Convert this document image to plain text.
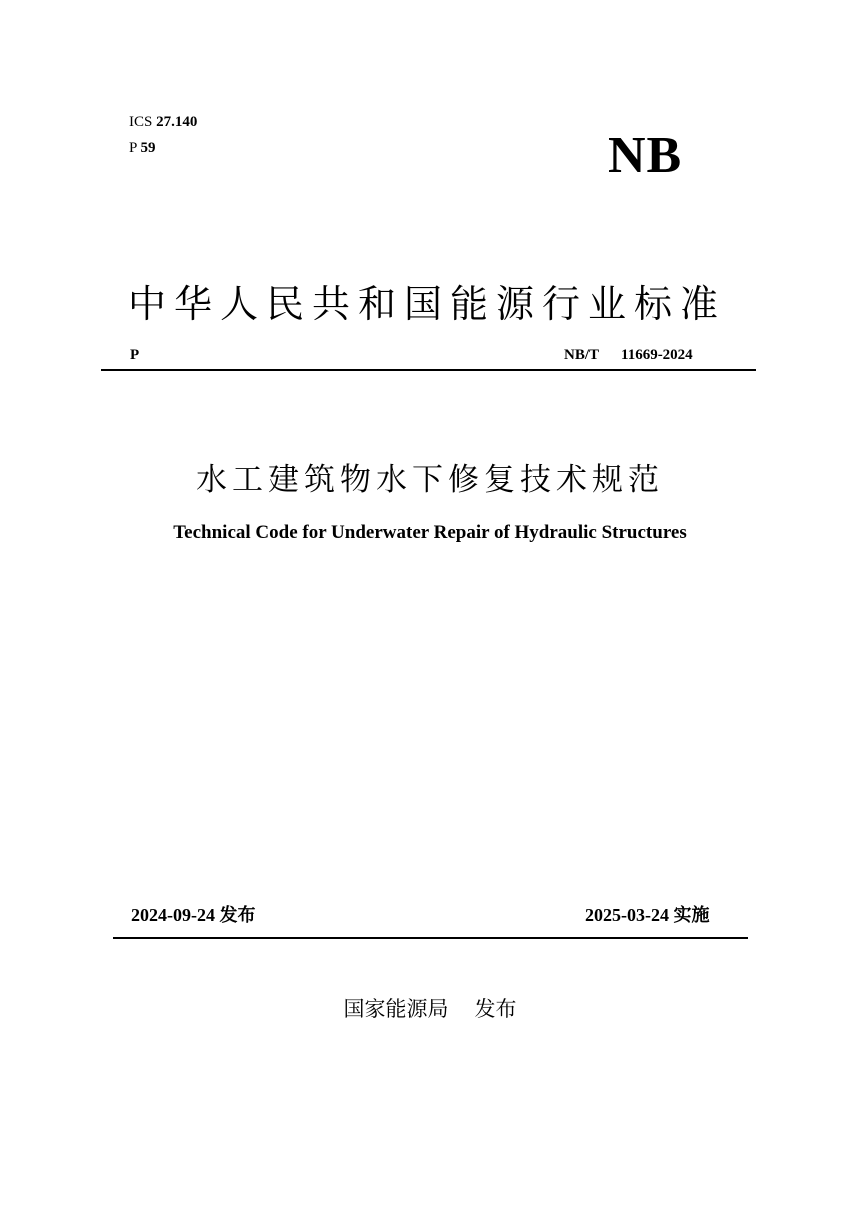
ICS 27.140
P 59	NB
中华人民共和国能源行业标准
P	NB/T 11669-2024
水工建筑物水下修复技术规范
Technical Code for Underwater Repair of Hydraulic Structures
2024-09-24 发布	2025-03-24 实施
国家能源局 发布
